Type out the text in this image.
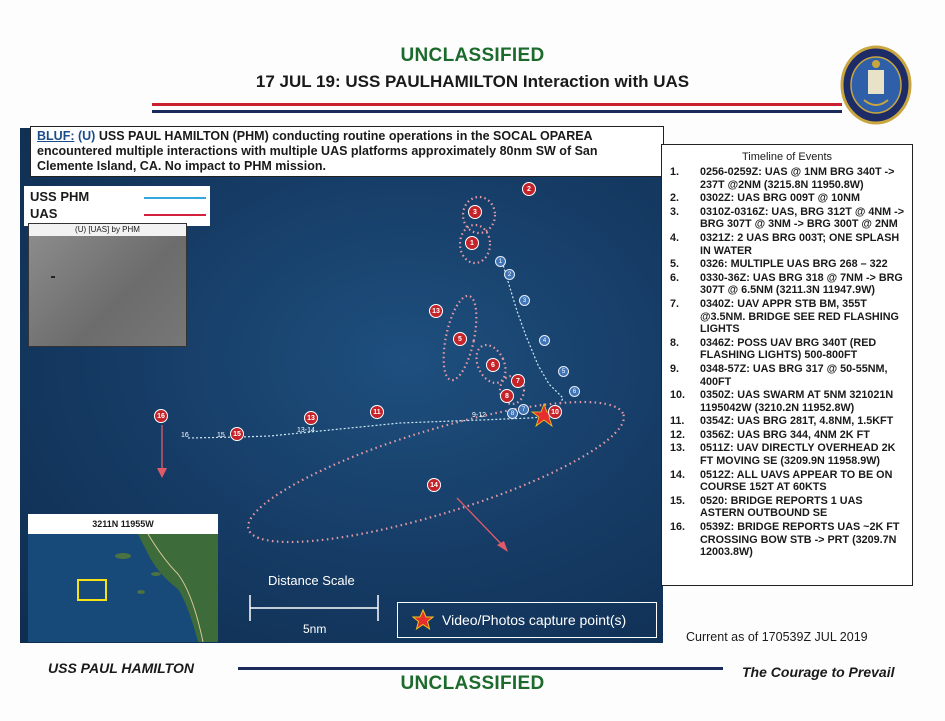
UNCLASSIFIED
17 JUL 19: USS PAULHAMILTON Interaction with UAS
Distance Scale
5nm
2
3
1
13
5
6
7
8
10
11
13
15
16
14
1
2
3
4
5
6
7
8
9-12
13-14
15
16
Video/Photos capture point(s)
BLUF: (U) USS PAUL HAMILTON (PHM) conducting routine operations in the SOCAL OPAREA encountered multiple interactions with multiple UAS platforms approximately 80nm SW of San Clemente Island, CA. No impact to PHM mission.
USS PHM
UAS
(U) [UAS] by PHM
3211N 11955W
Timeline of Events
1.	0256-0259Z: UAS @ 1NM BRG 340T -> 237T @2NM (3215.8N 11950.8W)
2.	0302Z: UAS BRG 009T @ 10NM
3.	0310Z-0316Z: UAS, BRG 312T @ 4NM -> BRG 307T @ 3NM -> BRG 300T @ 2NM
4.	0321Z: 2 UAS BRG 003T; ONE SPLASH IN WATER
5.	0326: MULTIPLE UAS BRG 268 – 322
6.	0330-36Z: UAS BRG 318 @ 7NM -> BRG 307T @ 6.5NM (3211.3N 11947.9W)
7.	0340Z: UAV APPR STB BM, 355T @3.5NM. BRIDGE SEE RED FLASHING LIGHTS
8.	0346Z: POSS UAV BRG 340T (RED FLASHING LIGHTS) 500-800FT
9.	0348-57Z: UAS BRG 317 @ 50-55NM, 400FT
10.	0350Z: UAS SWARM AT 5NM 321021N 1195042W (3210.2N 11952.8W)
11.	0354Z: UAS BRG 281T, 4.8NM, 1.5KFT
12.	0356Z: UAS BRG 344, 4NM 2K FT
13.	0511Z: UAV DIRECTLY OVERHEAD 2K FT MOVING SE (3209.9N 11958.9W)
14.	0512Z: ALL UAVS APPEAR TO BE ON COURSE 152T AT 60KTS
15.	0520: BRIDGE REPORTS 1 UAS ASTERN OUTBOUND SE
16.	0539Z: BRIDGE REPORTS UAS ~2K FT CROSSING BOW STB -> PRT (3209.7N 12003.8W)
Current as of 170539Z JUL 2019
USS PAUL HAMILTON	The Courage to Prevail
UNCLASSIFIED
